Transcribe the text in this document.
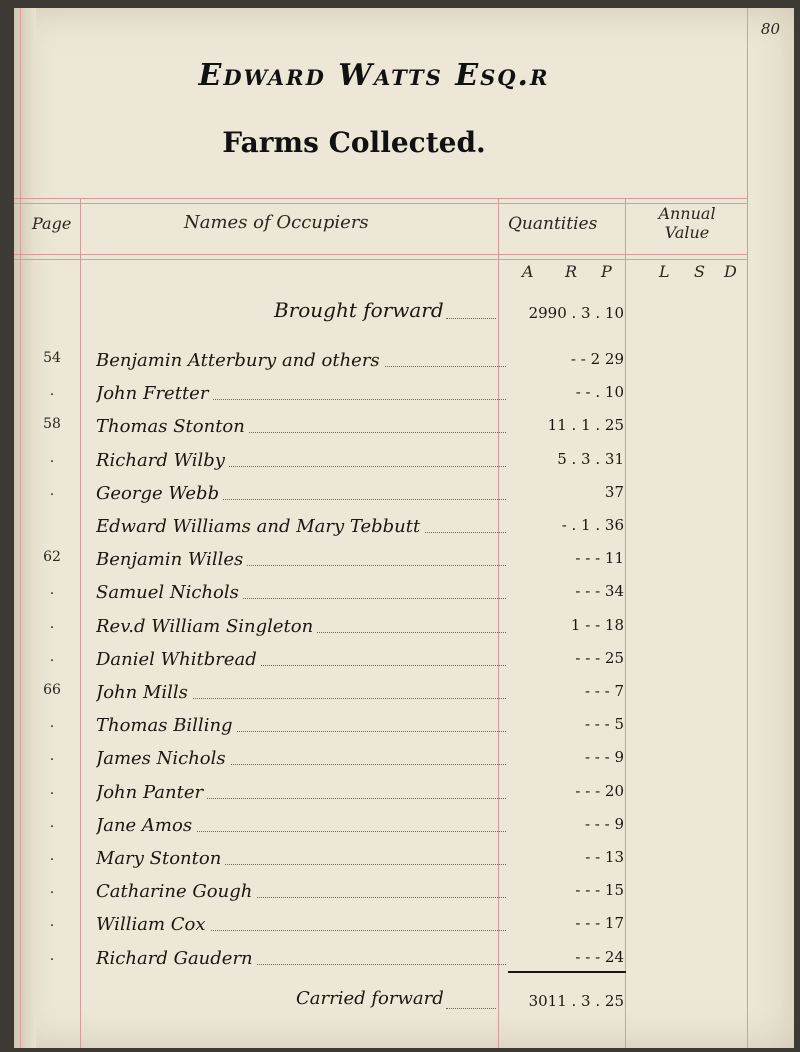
80
Edward Watts Esq.r
Farms Collected.
Page	Names of Occupiers	Quantities
Annual Value
A R P	L S D
Brought forward	2990 . 3 . 10
54	Benjamin Atterbury and others	- - 2 29
.	John Fretter	- - . 10
58	Thomas Stonton	11 . 1 . 25
.	Richard Wilby	5 . 3 . 31
.	George Webb	37
Edward Williams and Mary Tebbutt	- . 1 . 36
62	Benjamin Willes	- - - 11
.	Samuel Nichols	- - - 34
.	Rev.d William Singleton	1 - - 18
.	Daniel Whitbread	- - - 25
66	John Mills	- - - 7
.	Thomas Billing	- - - 5
.	James Nichols	- - - 9
.	John Panter	- - - 20
.	Jane Amos	- - - 9
.	Mary Stonton	- - 13
.	Catharine Gough	- - - 15
.	William Cox	- - - 17
.	Richard Gaudern	- - - 24
Carried forward	3011 . 3 . 25
